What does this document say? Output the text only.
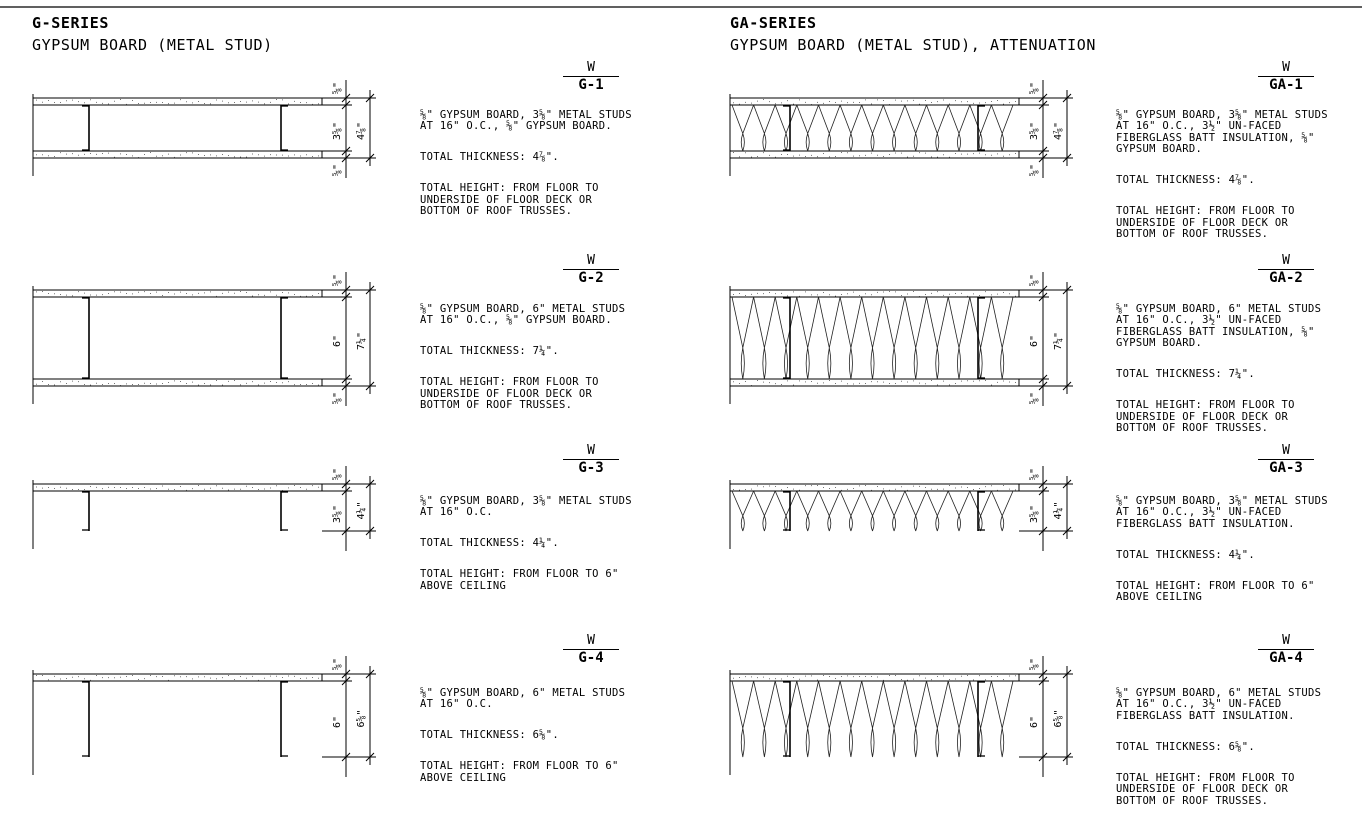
⅝"
3⅝" 4⅞"
⅝"
⅝"
6" 7¼"
⅝"
⅝"
3⅝" 4¼"
⅝"
6" 6⅝"
⅝"
3⅝" 4⅞"
⅝"
⅝"
6" 7¼"
⅝"
⅝"
3⅝" 4¼"
⅝"
6" 6⅝"
G-SERIES
GYPSUM BOARD (METAL STUD)
GA-SERIES
GYPSUM BOARD (METAL STUD), ATTENUATION
W
G-1

⅝" GYPSUM BOARD, 3⅝" METAL STUDS AT 16" O.C., ⅝" GYPSUM BOARD.

TOTAL THICKNESS: 4⅞".

TOTAL HEIGHT: FROM FLOOR TO UNDERSIDE OF FLOOR DECK OR BOTTOM OF ROOF TRUSSES.

W
G-2

⅝" GYPSUM BOARD, 6" METAL STUDS AT 16" O.C., ⅝" GYPSUM BOARD.

TOTAL THICKNESS: 7¼".

TOTAL HEIGHT: FROM FLOOR TO UNDERSIDE OF FLOOR DECK OR BOTTOM OF ROOF TRUSSES.

W
G-3

⅝" GYPSUM BOARD, 3⅝" METAL STUDS AT 16" O.C.

TOTAL THICKNESS: 4¼".

TOTAL HEIGHT: FROM FLOOR TO 6" ABOVE CEILING

W
G-4

⅝" GYPSUM BOARD, 6" METAL STUDS AT 16" O.C.

TOTAL THICKNESS: 6⅝".

TOTAL HEIGHT: FROM FLOOR TO 6" ABOVE CEILING

W
GA-1

⅝" GYPSUM BOARD, 3⅝" METAL STUDS AT 16" O.C., 3½" UN-FACED FIBERGLASS BATT INSULATION, ⅝" GYPSUM BOARD.

TOTAL THICKNESS: 4⅞".

TOTAL HEIGHT: FROM FLOOR TO UNDERSIDE OF FLOOR DECK OR BOTTOM OF ROOF TRUSSES.

W
GA-2

⅝" GYPSUM BOARD, 6" METAL STUDS AT 16" O.C., 3½" UN-FACED FIBERGLASS BATT INSULATION, ⅝" GYPSUM BOARD.

TOTAL THICKNESS: 7¼".

TOTAL HEIGHT: FROM FLOOR TO UNDERSIDE OF FLOOR DECK OR BOTTOM OF ROOF TRUSSES.

W
GA-3

⅝" GYPSUM BOARD, 3⅝" METAL STUDS AT 16" O.C., 3½" UN-FACED FIBERGLASS BATT INSULATION.

TOTAL THICKNESS: 4¼".

TOTAL HEIGHT: FROM FLOOR TO 6" ABOVE CEILING

W
GA-4

⅝" GYPSUM BOARD, 6" METAL STUDS AT 16" O.C., 3½" UN-FACED FIBERGLASS BATT INSULATION.

TOTAL THICKNESS: 6⅝".

TOTAL HEIGHT: FROM FLOOR TO UNDERSIDE OF FLOOR DECK OR BOTTOM OF ROOF TRUSSES.
